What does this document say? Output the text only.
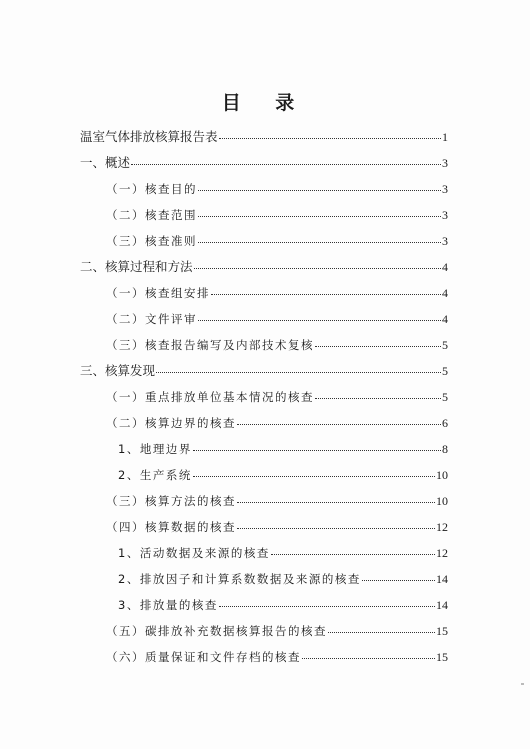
目 录
温室气体排放核算报告表	1
一、概述	3
（一）核查目的	3
（二）核查范围	3
（三）核查准则	3
二、核算过程和方法	4
（一）核查组安排	4
（二）文件评审	4
（三）核查报告编写及内部技术复核	5
三、核算发现	5
（一）重点排放单位基本情况的核查	5
（二）核算边界的核查	6
1、地理边界	8
2、生产系统	10
（三）核算方法的核查	10
（四）核算数据的核查	12
1、活动数据及来源的核查	12
2、排放因子和计算系数数据及来源的核查	14
3、排放量的核查	14
（五）碳排放补充数据核算报告的核查	15
（六）质量保证和文件存档的核查	15
